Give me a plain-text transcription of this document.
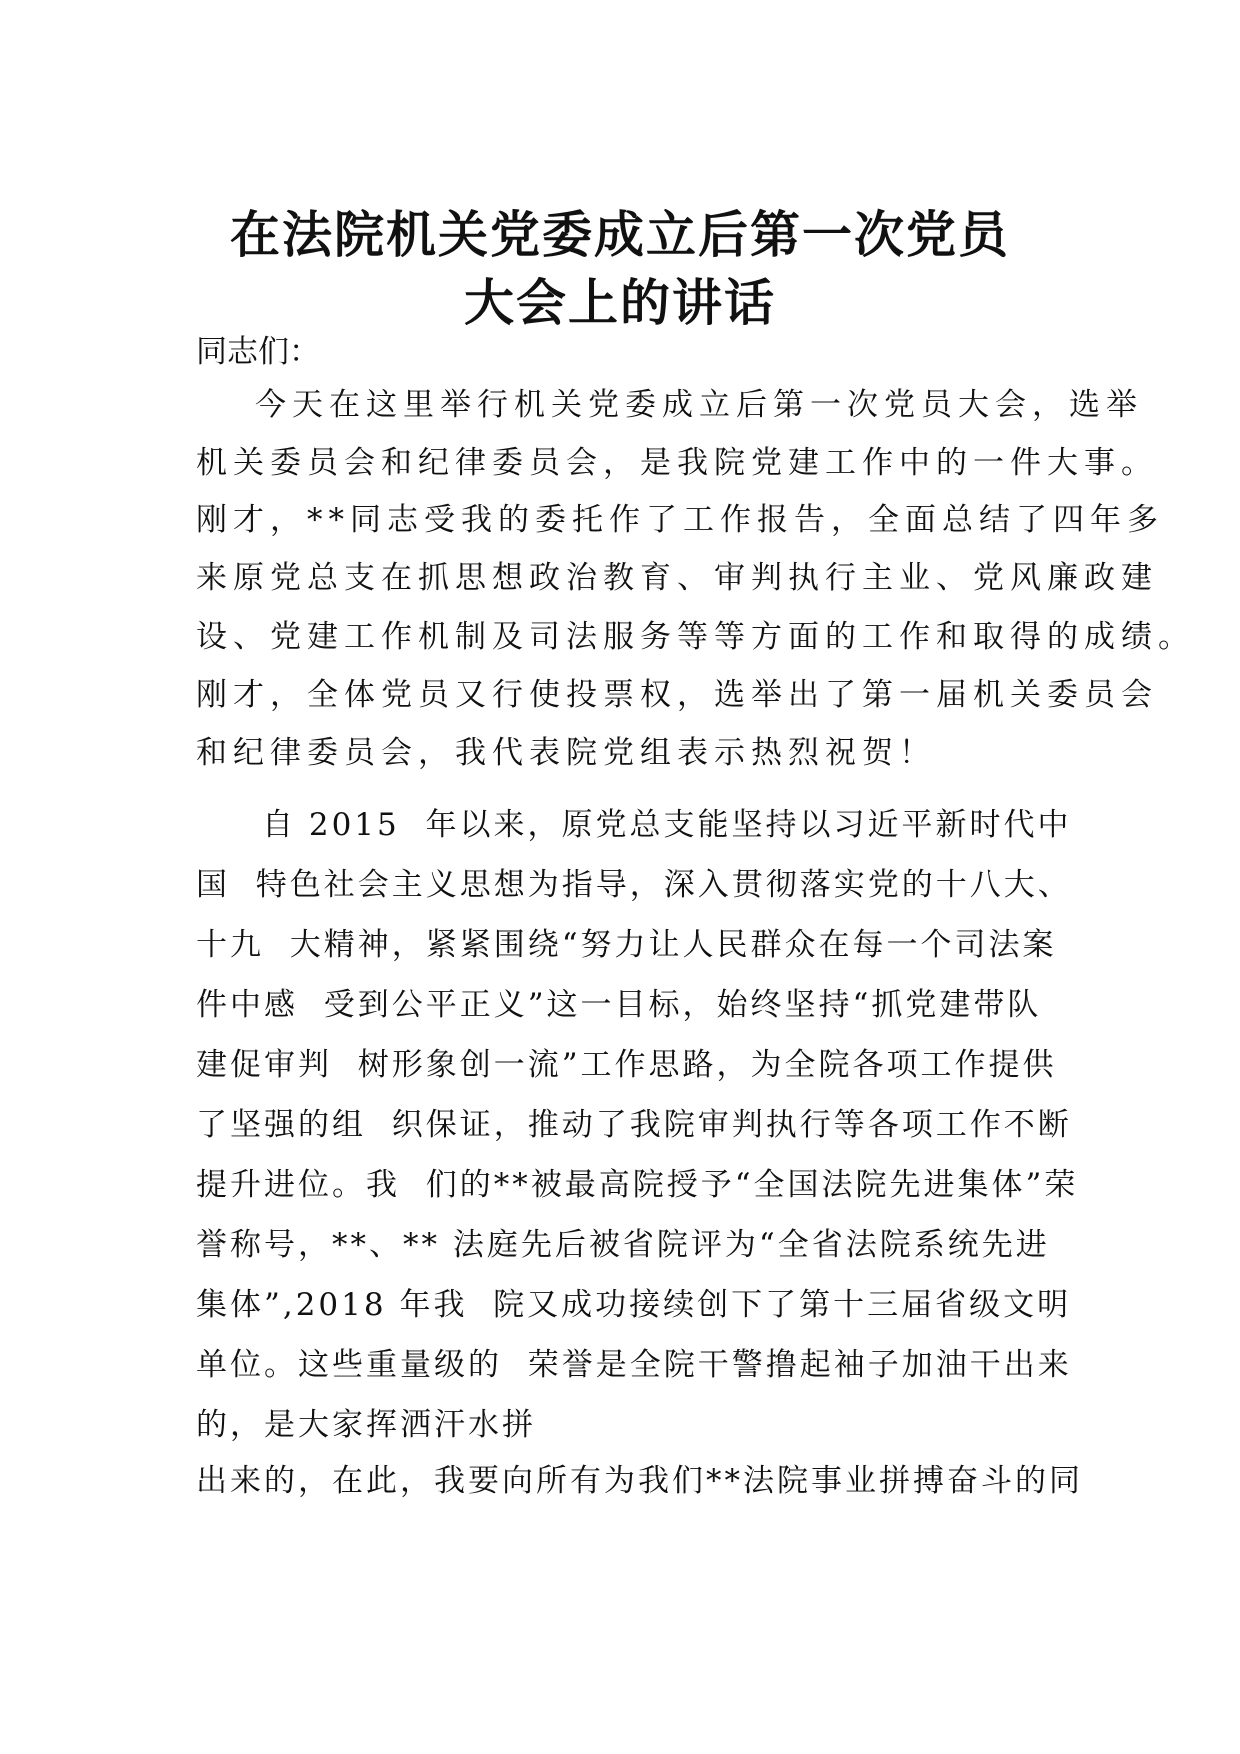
在法院机关党委成立后第一次党员
大会上的讲话
同志们：
今天在这里举行机关党委成立后第一次党员大会，选举
机关委员会和纪律委员会，是我院党建工作中的一件大事。
刚才，**同志受我的委托作了工作报告，全面总结了四年多
来原党总支在抓思想政治教育、审判执行主业、党风廉政建
设、党建工作机制及司法服务等等方面的工作和取得的成绩。
刚才，全体党员又行使投票权，选举出了第一届机关委员会
和纪律委员会，我代表院党组表示热烈祝贺！
自 2015  年以来，原党总支能坚持以习近平新时代中
国  特色社会主义思想为指导，深入贯彻落实党的十八大、
十九  大精神，紧紧围绕“努力让人民群众在每一个司法案
件中感  受到公平正义”这一目标，始终坚持“抓党建带队
建促审判  树形象创一流”工作思路，为全院各项工作提供
了坚强的组  织保证，推动了我院审判执行等各项工作不断
提升进位。我  们的**被最高院授予“全国法院先进集体”荣
誉称号，**、** 法庭先后被省院评为“全省法院系统先进
集体”,2018 年我  院又成功接续创下了第十三届省级文明
单位。这些重量级的  荣誉是全院干警撸起袖子加油干出来
的，是大家挥洒汗水拼
出来的，在此，我要向所有为我们**法院事业拼搏奋斗的同
